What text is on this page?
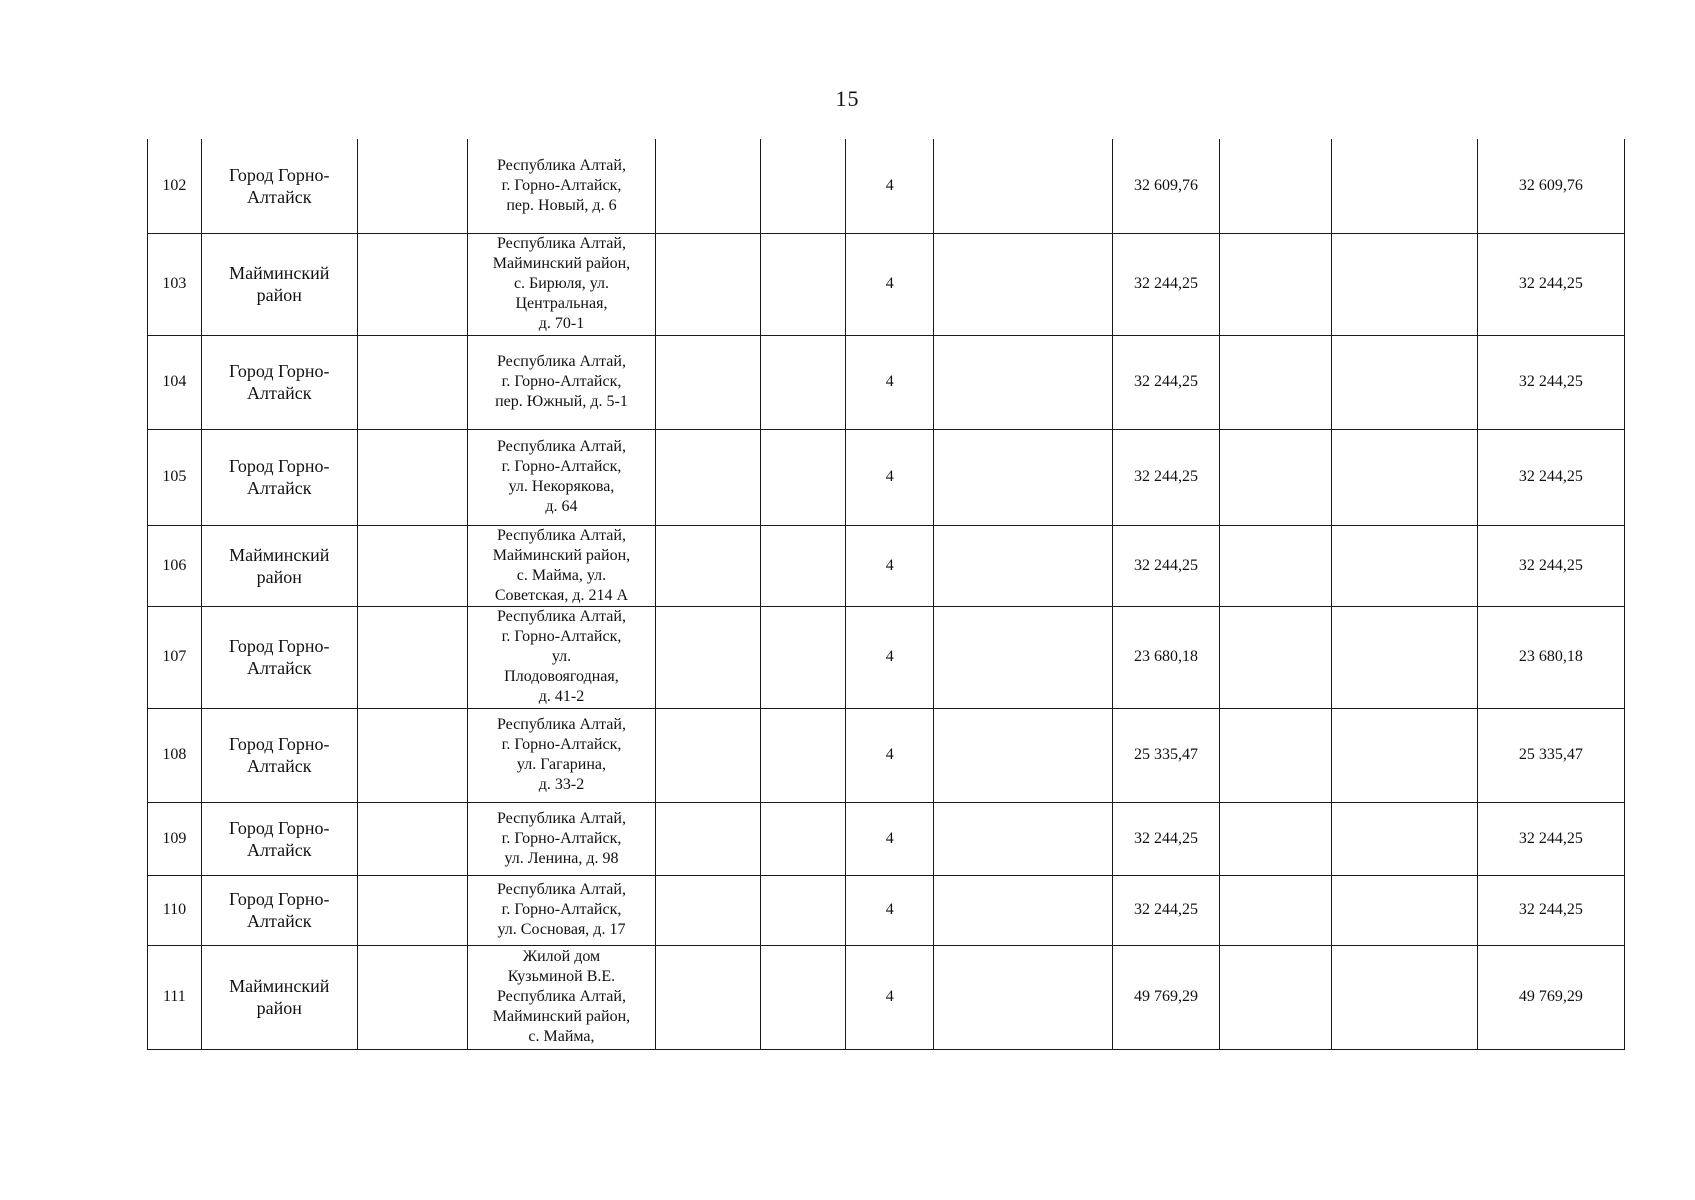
15
102	Город Горно-Алтайск		Республика Алтай,
г. Горно-Алтайск,
пер. Новый, д. 6			4		32 609,76			32 609,76
103	Майминский район		Республика Алтай,
Майминский район,
с. Бирюля, ул.
Центральная,
д. 70-1			4		32 244,25			32 244,25
104	Город Горно-Алтайск		Республика Алтай,
г. Горно-Алтайск,
пер. Южный, д. 5-1			4		32 244,25			32 244,25
105	Город Горно-Алтайск		Республика Алтай,
г. Горно-Алтайск,
ул. Некорякова,
д. 64			4		32 244,25			32 244,25
106	Майминский район		Республика Алтай,
Майминский район,
с. Майма, ул.
Советская, д. 214 А			4		32 244,25			32 244,25
107	Город Горно-Алтайск		Республика Алтай,
г. Горно-Алтайск,
ул.
Плодовоягодная,
д. 41-2			4		23 680,18			23 680,18
108	Город Горно-Алтайск		Республика Алтай,
г. Горно-Алтайск,
ул. Гагарина,
д. 33-2			4		25 335,47			25 335,47
109	Город Горно-Алтайск		Республика Алтай,
г. Горно-Алтайск,
ул. Ленина, д. 98			4		32 244,25			32 244,25
110	Город Горно-Алтайск		Республика Алтай,
г. Горно-Алтайск,
ул. Сосновая, д. 17			4		32 244,25			32 244,25
111	Майминский район		Жилой дом
Кузьминой В.Е.
Республика Алтай,
Майминский район,
с. Майма,			4		49 769,29			49 769,29
